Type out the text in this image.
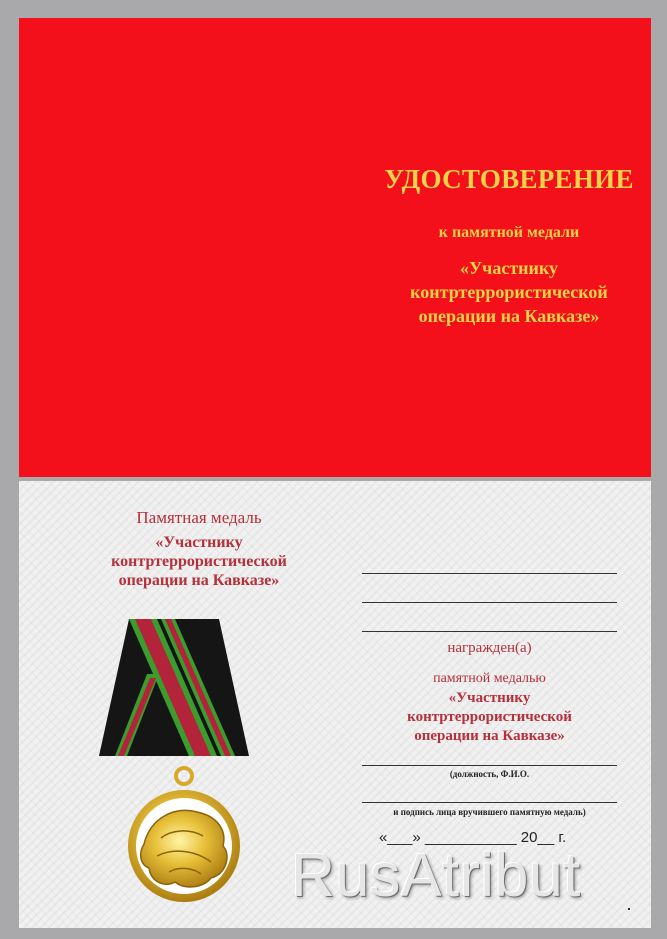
УДОСТОВЕРЕНИЕ
к памятной медали
«Участнику
контртеррористической
операции на Кавказе»
Памятная медаль
«Участнику
контртеррористической
операции на Кавказе»
награжден(а)
памятной медалью
«Участнику
контртеррористической
операции на Кавказе»
(должность, Ф.И.О.
и подпись лица вручившего памятную медаль)
«___» ___________ 20__ г.
RusAtribut
